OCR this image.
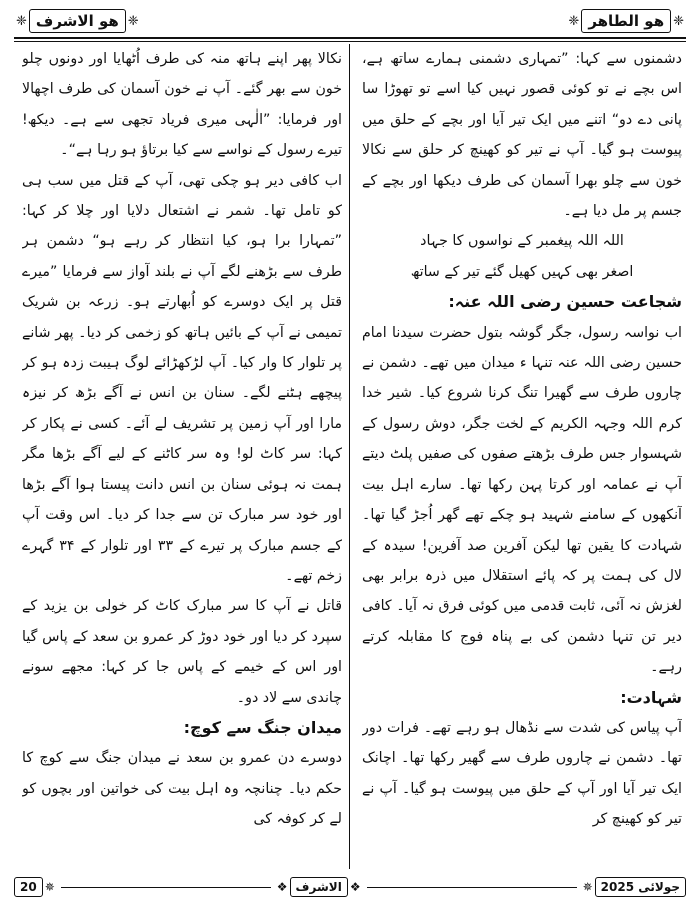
❈
ھو الطاھر
❈
❈
ھو الاشرف
❈

دشمنوں سے کہا: ”تمہاری دشمنی ہمارے ساتھ ہے، اس بچے نے تو کوئی قصور نہیں کیا اسے تو تھوڑا سا پانی دے دو“ اتنے میں ایک تیر آیا اور بچے کے حلق میں پیوست ہو گیا۔ آپ نے تیر کو کھینچ کر حلق سے نکالا خون سے چلو بھرا آسمان کی طرف دیکھا اور بچے کے جسم پر مل دیا ہے۔

اللہ اللہ پیغمبر کے نواسوں کا جہاد

اصغر بھی کہیں کھیل گئے تیر کے ساتھ

شجاعت حسین رضی اللہ عنہ:

اب نواسہ رسول، جگر گوشہ بتول حضرت سیدنا امام حسین رضی اللہ عنہ تنہا ء میدان میں تھے۔ دشمن نے چاروں طرف سے گھیرا تنگ کرنا شروع کیا۔ شیر خدا کرم اللہ وجہہ الکریم کے لخت جگر، دوش رسول کے شہسوار جس طرف بڑھتے صفوں کی صفیں پلٹ دیتے آپ نے عمامہ اور کرتا پہن رکھا تھا۔ سارے اہل بیت آنکھوں کے سامنے شہید ہو چکے تھے گھر اُجڑ گیا تھا۔ شہادت کا یقین تھا لیکن آفرین صد آفرین! سیدہ کے لال کی ہمت پر کہ پائے استقلال میں ذرہ برابر بھی لغزش نہ آئی، ثابت قدمی میں کوئی فرق نہ آیا۔ کافی دیر تن تنہا دشمن کی بے پناہ فوج کا مقابلہ کرتے رہے۔

شہادت:

آپ پیاس کی شدت سے نڈھال ہو رہے تھے۔ فرات دور تھا۔ دشمن نے چاروں طرف سے گھیر رکھا تھا۔ اچانک ایک تیر آیا اور آپ کے حلق میں پیوست ہو گیا۔ آپ نے تیر کو کھینچ کر

نکالا پھر اپنے ہاتھ منہ کی طرف اُٹھایا اور دونوں چلو خون سے بھر گئے۔ آپ نے خون آسمان کی طرف اچھالا اور فرمایا: ”الٰہی میری فریاد تجھی سے ہے۔ دیکھ! تیرے رسول کے نواسے سے کیا برتاؤ ہو رہا ہے“۔

اب کافی دیر ہو چکی تھی، آپ کے قتل میں سب ہی کو تامل تھا۔ شمر نے اشتعال دلایا اور چلا کر کہا: ”تمہارا برا ہو، کیا انتظار کر رہے ہو“ دشمن ہر طرف سے بڑھنے لگے آپ نے بلند آواز سے فرمایا ”میرے قتل پر ایک دوسرے کو اُبھارتے ہو۔ زرعہ بن شریک تمیمی نے آپ کے بائیں ہاتھ کو زخمی کر دیا۔ پھر شانے پر تلوار کا وار کیا۔ آپ لڑکھڑائے لوگ ہیبت زدہ ہو کر پیچھے ہٹنے لگے۔ سنان بن انس نے آگے بڑھ کر نیزہ مارا اور آپ زمین پر تشریف لے آئے۔ کسی نے پکار کر کہا: سر کاٹ لو! وہ سر کاٹنے کے لیے آگے بڑھا مگر ہمت نہ ہوئی سنان بن انس دانت پیستا ہوا آگے بڑھا اور خود سر مبارک تن سے جدا کر دیا۔ اس وقت آپ کے جسم مبارک پر تیرے کے ۳۳ اور تلوار کے ۳۴ گہرے زخم تھے۔

قاتل نے آپ کا سر مبارک کاٹ کر خولی بن یزید کے سپرد کر دیا اور خود دوڑ کر عمرو بن سعد کے پاس گیا اور اس کے خیمے کے پاس جا کر کہا: مجھے سونے چاندی سے لاد دو۔

میدان جنگ سے کوچ:

دوسرے دن عمرو بن سعد نے میدان جنگ سے کوچ کا حکم دیا۔ چنانچہ وہ اہل بیت کی خواتین اور بچوں کو لے کر کوفہ کی

20 ✵	❖ الاشرف ❖	✵ جولائی 2025
